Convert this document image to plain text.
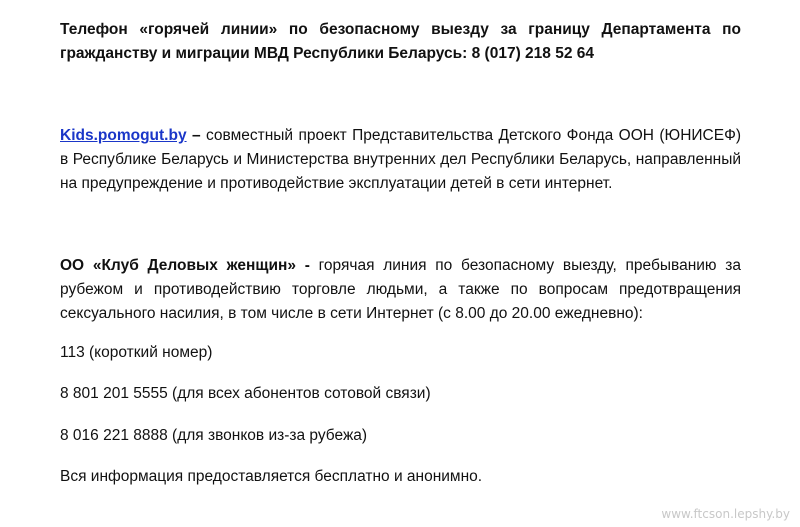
Телефон «горячей линии» по безопасному выезду за границу Департамента по гражданству и миграции МВД Республики Беларусь: 8 (017) 218 52 64
Kids.pomogut.by – совместный проект Представительства Детского Фонда ООН (ЮНИСЕФ) в Республике Беларусь и Министерства внутренних дел Республики Беларусь, направленный на предупреждение и противодействие эксплуатации детей в сети интернет.
ОО «Клуб Деловых женщин» - горячая линия по безопасному выезду, пребыванию за рубежом и противодействию торговле людьми, а также по вопросам предотвращения сексуального насилия, в том числе в сети Интернет (с 8.00 до 20.00 ежедневно):
113 (короткий номер)
8 801 201 5555 (для всех абонентов сотовой связи)
8 016 221 8888 (для звонков из-за рубежа)
Вся информация предоставляется бесплатно и анонимно.
www.ftcson.lepshy.by
